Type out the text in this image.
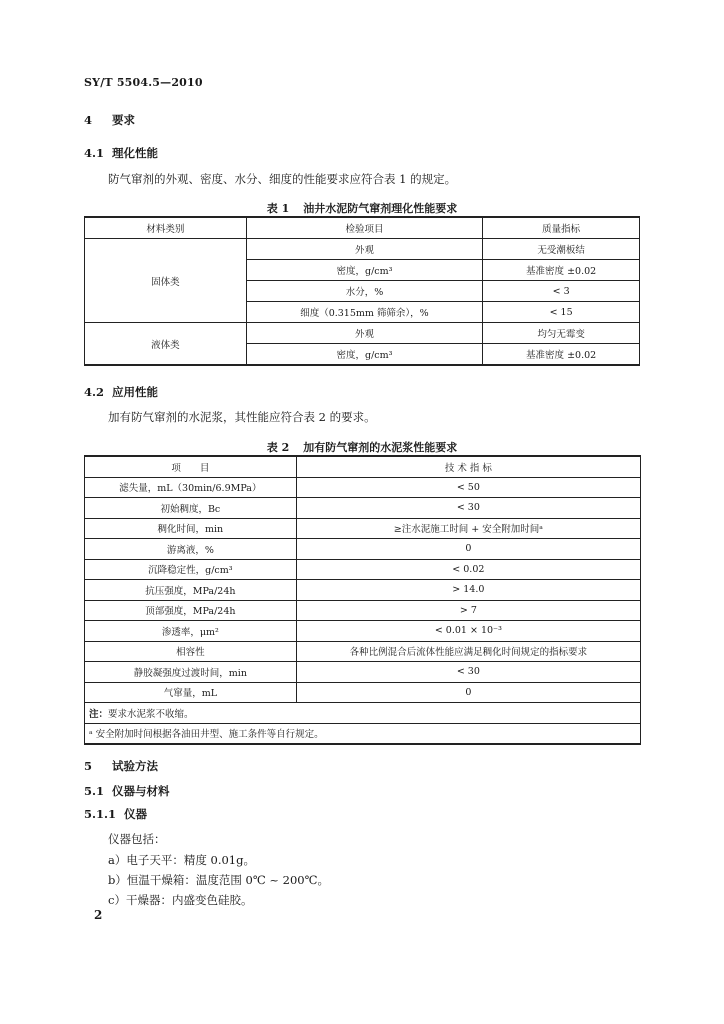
SY/T 5504.5—2010
4 要求
4.1 理化性能
防气窜剂的外观、密度、水分、细度的性能要求应符合表 1 的规定。
表 1 油井水泥防气窜剂理化性能要求
材料类别	检验项目	质量指标
固体类	外观	无受潮板结
	密度，g/cm³	基准密度 ±0.02
	水分，%	< 3
	细度（0.315mm 筛筛余），%	< 15
液体类	外观	均匀无霉变
	密度，g/cm³	基准密度 ±0.02
4.2 应用性能
加有防气窜剂的水泥浆，其性能应符合表 2 的要求。
表 2 加有防气窜剂的水泥浆性能要求
项　　目	技 术 指 标
滤失量，mL（30min/6.9MPa）	< 50
初始稠度，Bc	< 30
稠化时间，min	≥注水泥施工时间 + 安全附加时间ᵃ
游离液，%	0
沉降稳定性，g/cm³	< 0.02
抗压强度，MPa/24h	> 14.0
顶部强度，MPa/24h	> 7
渗透率，μm²	< 0.01 × 10⁻³
相容性	各种比例混合后流体性能应满足稠化时间规定的指标要求
静胶凝强度过渡时间，min	< 30
气窜量，mL	0
注：要求水泥浆不收缩。	
ᵃ 安全附加时间根据各油田井型、施工条件等自行规定。	
5 试验方法
5.1 仪器与材料
5.1.1 仪器
仪器包括：
a）电子天平：精度 0.01g。
b）恒温干燥箱：温度范围 0℃ ~ 200℃。
c）干燥器：内盛变色硅胶。
2
